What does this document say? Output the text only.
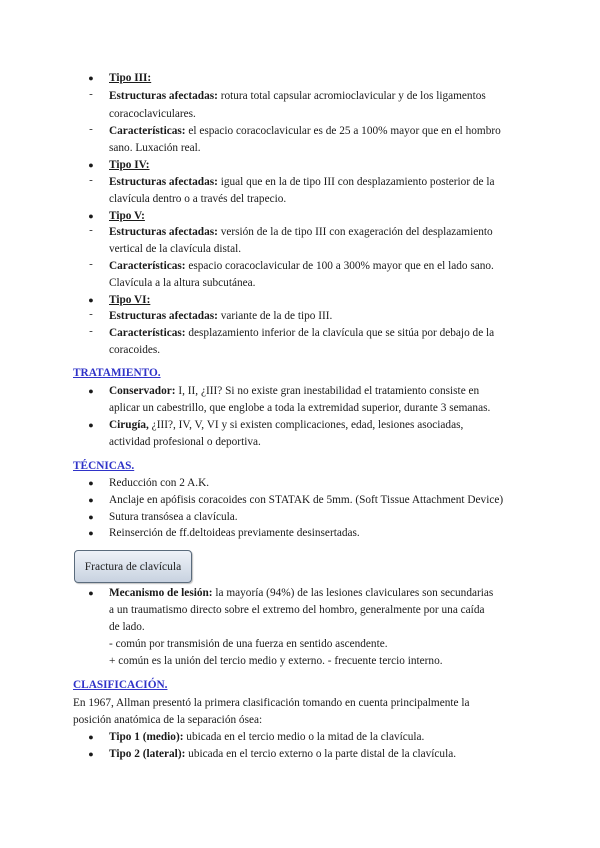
●	Tipo III:
-	Estructuras afectadas: rotura total capsular acromioclavicular y de los ligamentos
coracoclaviculares.
-	Características: el espacio coracoclavicular es de 25 a 100% mayor que en el hombro
sano. Luxación real.
●	Tipo IV:
-	Estructuras afectadas: igual que en la de tipo III con desplazamiento posterior de la
clavícula dentro o a través del trapecio.
●	Tipo V:
-	Estructuras afectadas: versión de la de tipo III con exageración del desplazamiento
vertical de la clavícula distal.
-	Características: espacio coracoclavicular de 100 a 300% mayor que en el lado sano.
Clavícula a la altura subcutánea.
●	Tipo VI:
-	Estructuras afectadas: variante de la de tipo III.
-	Características: desplazamiento inferior de la clavícula que se sitúa por debajo de la
coracoides.
TRATAMIENTO.
●	Conservador: I, II, ¿III? Si no existe gran inestabilidad el tratamiento consiste en
aplicar un cabestrillo, que englobe a toda la extremidad superior, durante 3 semanas.
●	Cirugía, ¿III?, IV, V, VI y si existen complicaciones, edad, lesiones asociadas,
actividad profesional o deportiva.
TÉCNICAS.
●	Reducción con 2 A.K.
●	Anclaje en apófisis coracoides con STATAK de 5mm. (Soft Tissue Attachment Device)
●	Sutura transósea a clavícula.
●	Reinserción de ff.deltoideas previamente desinsertadas.
Fractura de clavícula
●	Mecanismo de lesión: la mayoría (94%) de las lesiones claviculares son secundarias
a un traumatismo directo sobre el extremo del hombro, generalmente por una caída
de lado.
- común por transmisión de una fuerza en sentido ascendente.
+ común es la unión del tercio medio y externo. - frecuente tercio interno.
CLASIFICACIÓN.
En 1967, Allman presentó la primera clasificación tomando en cuenta principalmente la
posición anatómica de la separación ósea:
●	Tipo 1 (medio): ubicada en el tercio medio o la mitad de la clavícula.
●	Tipo 2 (lateral): ubicada en el tercio externo o la parte distal de la clavícula.
